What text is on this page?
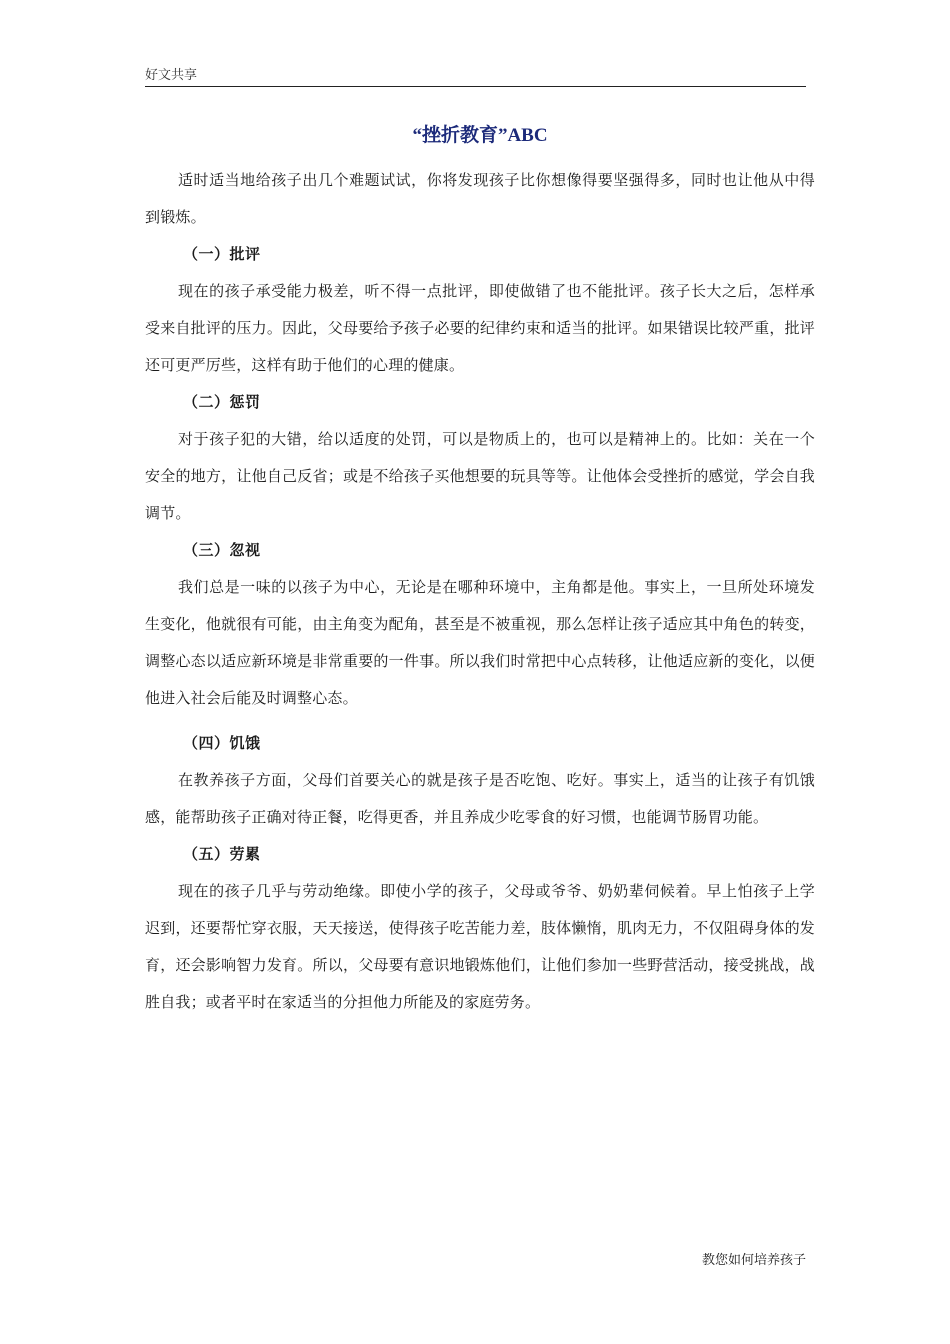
好文共享
“挫折教育”ABC

适时适当地给孩子出几个难题试试，你将发现孩子比你想像得要坚强得多，同时也让他从中得到锻炼。

（一）批评

现在的孩子承受能力极差，听不得一点批评，即使做错了也不能批评。孩子长大之后，怎样承受来自批评的压力。因此，父母要给予孩子必要的纪律约束和适当的批评。如果错误比较严重，批评还可更严厉些，这样有助于他们的心理的健康。

（二）惩罚

对于孩子犯的大错，给以适度的处罚，可以是物质上的，也可以是精神上的。比如：关在一个安全的地方，让他自己反省；或是不给孩子买他想要的玩具等等。让他体会受挫折的感觉，学会自我调节。

（三）忽视

我们总是一味的以孩子为中心，无论是在哪种环境中，主角都是他。事实上，一旦所处环境发生变化，他就很有可能，由主角变为配角，甚至是不被重视，那么怎样让孩子适应其中角色的转变，调整心态以适应新环境是非常重要的一件事。所以我们时常把中心点转移，让他适应新的变化，以便他进入社会后能及时调整心态。

（四）饥饿

在教养孩子方面，父母们首要关心的就是孩子是否吃饱、吃好。事实上，适当的让孩子有饥饿感，能帮助孩子正确对待正餐，吃得更香，并且养成少吃零食的好习惯，也能调节肠胃功能。

（五）劳累

现在的孩子几乎与劳动绝缘。即使小学的孩子，父母或爷爷、奶奶辈伺候着。早上怕孩子上学迟到，还要帮忙穿衣服，天天接送，使得孩子吃苦能力差，肢体懒惰，肌肉无力，不仅阻碍身体的发育，还会影响智力发育。所以，父母要有意识地锻炼他们，让他们参加一些野营活动，接受挑战，战胜自我；或者平时在家适当的分担他力所能及的家庭劳务。

教您如何培养孩子
